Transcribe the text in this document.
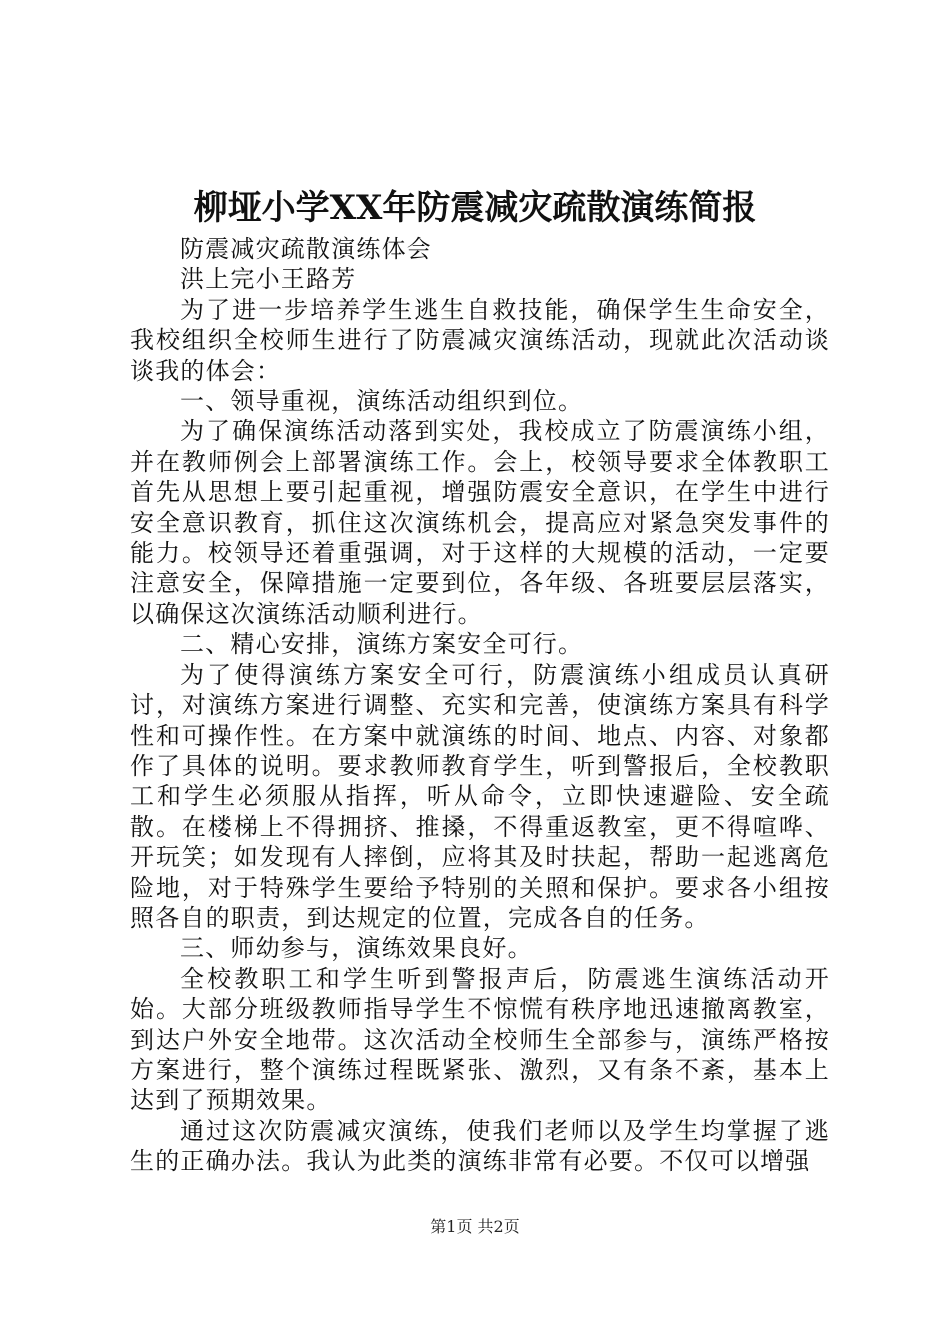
柳垭小学XX年防震减灾疏散演练简报

防震减灾疏散演练体会

洪上完小王路芳

为了进一步培养学生逃生自救技能，确保学生生命安全，我校组织全校师生进行了防震减灾演练活动，现就此次活动谈谈我的体会：

一、领导重视，演练活动组织到位。

为了确保演练活动落到实处，我校成立了防震演练小组，并在教师例会上部署演练工作。会上，校领导要求全体教职工首先从思想上要引起重视，增强防震安全意识，在学生中进行安全意识教育，抓住这次演练机会，提高应对紧急突发事件的能力。校领导还着重强调，对于这样的大规模的活动，一定要注意安全，保障措施一定要到位，各年级、各班要层层落实，以确保这次演练活动顺利进行。

二、精心安排，演练方案安全可行。

为了使得演练方案安全可行，防震演练小组成员认真研讨，对演练方案进行调整、充实和完善，使演练方案具有科学性和可操作性。在方案中就演练的时间、地点、内容、对象都作了具体的说明。要求教师教育学生，听到警报后，全校教职工和学生必须服从指挥，听从命令，立即快速避险、安全疏散。在楼梯上不得拥挤、推搡，不得重返教室，更不得喧哗、开玩笑；如发现有人摔倒，应将其及时扶起，帮助一起逃离危险地，对于特殊学生要给予特别的关照和保护。要求各小组按照各自的职责，到达规定的位置，完成各自的任务。

三、师幼参与，演练效果良好。

全校教职工和学生听到警报声后，防震逃生演练活动开始。大部分班级教师指导学生不惊慌有秩序地迅速撤离教室，到达户外安全地带。这次活动全校师生全部参与，演练严格按方案进行，整个演练过程既紧张、激烈，又有条不紊，基本上达到了预期效果。

通过这次防震减灾演练，使我们老师以及学生均掌握了逃生的正确办法。我认为此类的演练非常有必要。不仅可以增强

第1页 共2页
